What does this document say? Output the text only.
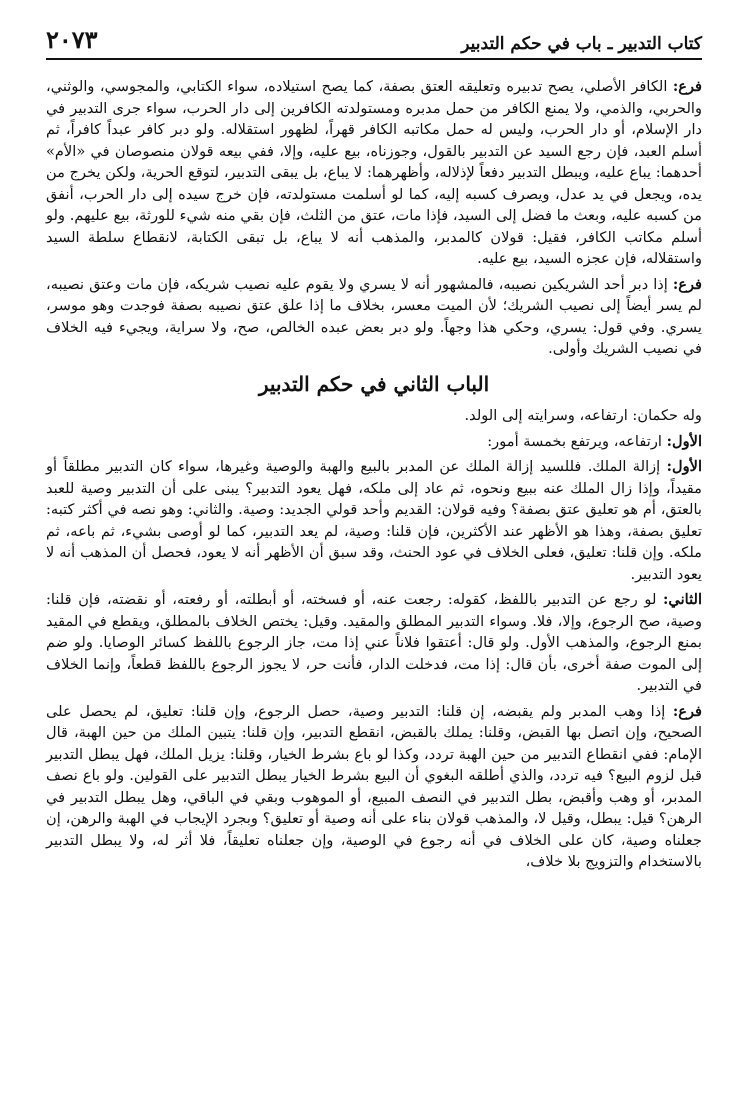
كتاب التدبير ـ باب في حكم التدبير
٢٠٧٣

فرع: الكافر الأصلي، يصح تدبيره وتعليقه العتق بصفة، كما يصح استيلاده، سواء الكتابي، والمجوسي، والوثني، والحربي، والذمي، ولا يمنع الكافر من حمل مدبره ومستولدته الكافرين إلى دار الحرب، سواء جرى التدبير في دار الإسلام، أو دار الحرب، وليس له حمل مكاتبه الكافر قهراً، لظهور استقلاله. ولو دبر كافر عبداً كافراً، ثم أسلم العبد، فإن رجع السيد عن التدبير بالقول، وجوزناه، بيع عليه، وإلا، ففي بيعه قولان منصوصان في «الأم» أحدهما: يباع عليه، ويبطل التدبير دفعاً لإذلاله، وأظهرهما: لا يباع، بل يبقى التدبير، لتوقع الحرية، ولكن يخرج من يده، ويجعل في يد عدل، ويصرف كسبه إليه، كما لو أسلمت مستولدته، فإن خرج سيده إلى دار الحرب، أنفق من كسبه عليه، وبعث ما فضل إلى السيد، فإذا مات، عتق من الثلث، فإن بقي منه شيء للورثة، بيع عليهم. ولو أسلم مكاتب الكافر، فقيل: قولان كالمدبر، والمذهب أنه لا يباع، بل تبقى الكتابة، لانقطاع سلطة السيد واستقلاله، فإن عجزه السيد، بيع عليه.

فرع: إذا دبر أحد الشريكين نصيبه، فالمشهور أنه لا يسري ولا يقوم عليه نصيب شريكه، فإن مات وعتق نصيبه، لم يسر أيضاً إلى نصيب الشريك؛ لأن الميت معسر، بخلاف ما إذا علق عتق نصيبه بصفة فوجدت وهو موسر، يسري. وفي قول: يسري، وحكي هذا وجهاً. ولو دبر بعض عبده الخالص، صح، ولا سراية، ويجيء فيه الخلاف في نصيب الشريك وأولى.

الباب الثاني في حكم التدبير

وله حكمان: ارتفاعه، وسرايته إلى الولد.

الأول: ارتفاعه، ويرتفع بخمسة أمور:

الأول: إزالة الملك. فللسيد إزالة الملك عن المدبر بالبيع والهبة والوصية وغيرها، سواء كان التدبير مطلقاً أو مقيداً، وإذا زال الملك عنه ببيع ونحوه، ثم عاد إلى ملكه، فهل يعود التدبير؟ يبنى على أن التدبير وصية للعبد بالعتق، أم هو تعليق عتق بصفة؟ وفيه قولان: القديم وأحد قولي الجديد: وصية. والثاني: وهو نصه في أكثر كتبه: تعليق بصفة، وهذا هو الأظهر عند الأكثرين، فإن قلنا: وصية، لم يعد التدبير، كما لو أوصى بشيء، ثم باعه، ثم ملكه. وإن قلنا: تعليق، فعلى الخلاف في عود الحنث، وقد سبق أن الأظهر أنه لا يعود، فحصل أن المذهب أنه لا يعود التدبير.

الثاني: لو رجع عن التدبير باللفظ، كقوله: رجعت عنه، أو فسخته، أو أبطلته، أو رفعته، أو نقضته، فإن قلنا: وصية، صح الرجوع، وإلا، فلا. وسواء التدبير المطلق والمقيد. وقيل: يختص الخلاف بالمطلق، ويقطع في المقيد بمنع الرجوع، والمذهب الأول. ولو قال: أعتقوا فلاناً عني إذا مت، جاز الرجوع باللفظ كسائر الوصايا. ولو ضم إلى الموت صفة أخرى، بأن قال: إذا مت، فدخلت الدار، فأنت حر، لا يجوز الرجوع باللفظ قطعاً، وإنما الخلاف في التدبير.

فرع: إذا وهب المدبر ولم يقبضه، إن قلنا: التدبير وصية، حصل الرجوع، وإن قلنا: تعليق، لم يحصل على الصحيح، وإن اتصل بها القبض، وقلنا: يملك بالقبض، انقطع التدبير، وإن قلنا: يتبين الملك من حين الهبة، قال الإمام: ففي انقطاع التدبير من حين الهبة تردد، وكذا لو باع بشرط الخيار، وقلنا: يزيل الملك، فهل يبطل التدبير قبل لزوم البيع؟ فيه تردد، والذي أطلقه البغوي أن البيع بشرط الخيار يبطل التدبير على القولين. ولو باع نصف المدبر، أو وهب وأقبض، بطل التدبير في النصف المبيع، أو الموهوب وبقي في الباقي، وهل يبطل التدبير في الرهن؟ قيل: يبطل، وقيل لا، والمذهب قولان بناء على أنه وصية أو تعليق؟ وبجرد الإيجاب في الهبة والرهن، إن جعلناه وصية، كان على الخلاف في أنه رجوع في الوصية، وإن جعلناه تعليقاً، فلا أثر له، ولا يبطل التدبير بالاستخدام والتزويج بلا خلاف،
